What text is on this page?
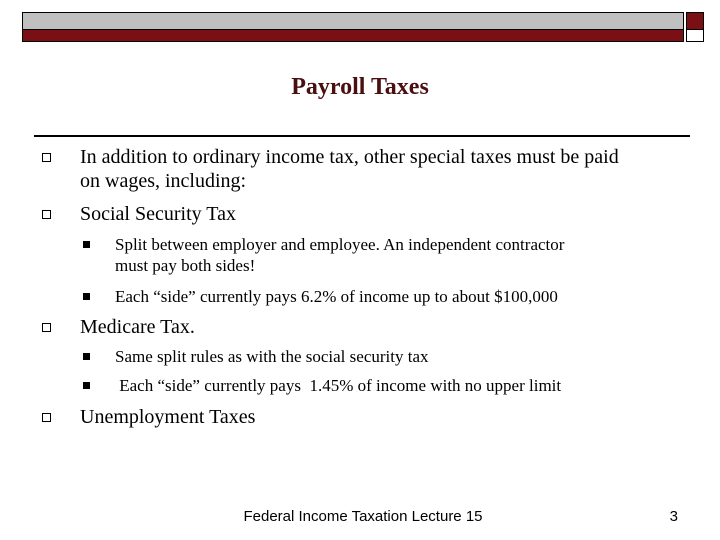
Payroll Taxes
In addition to ordinary income tax, other special taxes must be paid
on wages, including:
Social Security Tax
Split between employer and employee. An independent contractor
must pay both sides!
Each “side” currently pays 6.2% of income up to about $100,000
Medicare Tax.
Same split rules as with the social security tax
Each “side” currently pays  1.45% of income with no upper limit
Unemployment Taxes
Federal Income Taxation Lecture 15	3
